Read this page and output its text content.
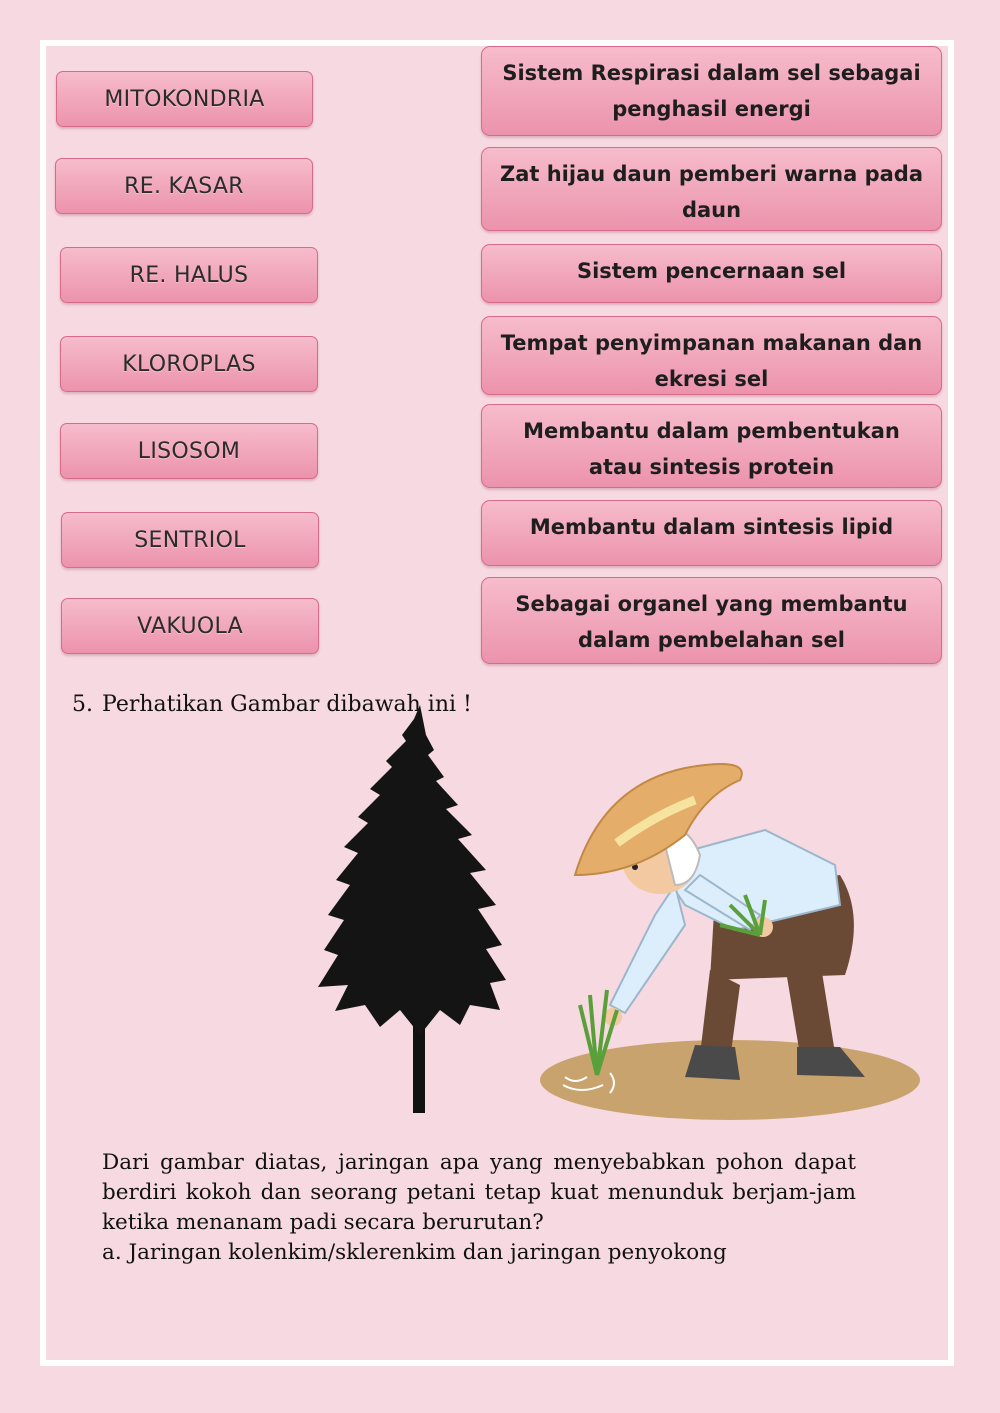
MITOKONDRIA
RE. KASAR
RE. HALUS
KLOROPLAS
LISOSOM
SENTRIOL
VAKUOLA
Sistem Respirasi dalam sel sebagai penghasil energi
Zat hijau daun pemberi warna pada daun
Sistem pencernaan sel
Tempat penyimpanan makanan dan ekresi sel
Membantu dalam pembentukan atau sintesis protein
Membantu dalam sintesis lipid
Sebagai organel yang membantu dalam pembelahan sel
5. Perhatikan Gambar dibawah ini !
Dari gambar diatas, jaringan apa yang menyebabkan pohon dapat berdiri kokoh dan seorang petani tetap kuat menunduk berjam-jam ketika menanam padi secara berurutan?
a. Jaringan kolenkim/sklerenkim dan jaringan penyokong
